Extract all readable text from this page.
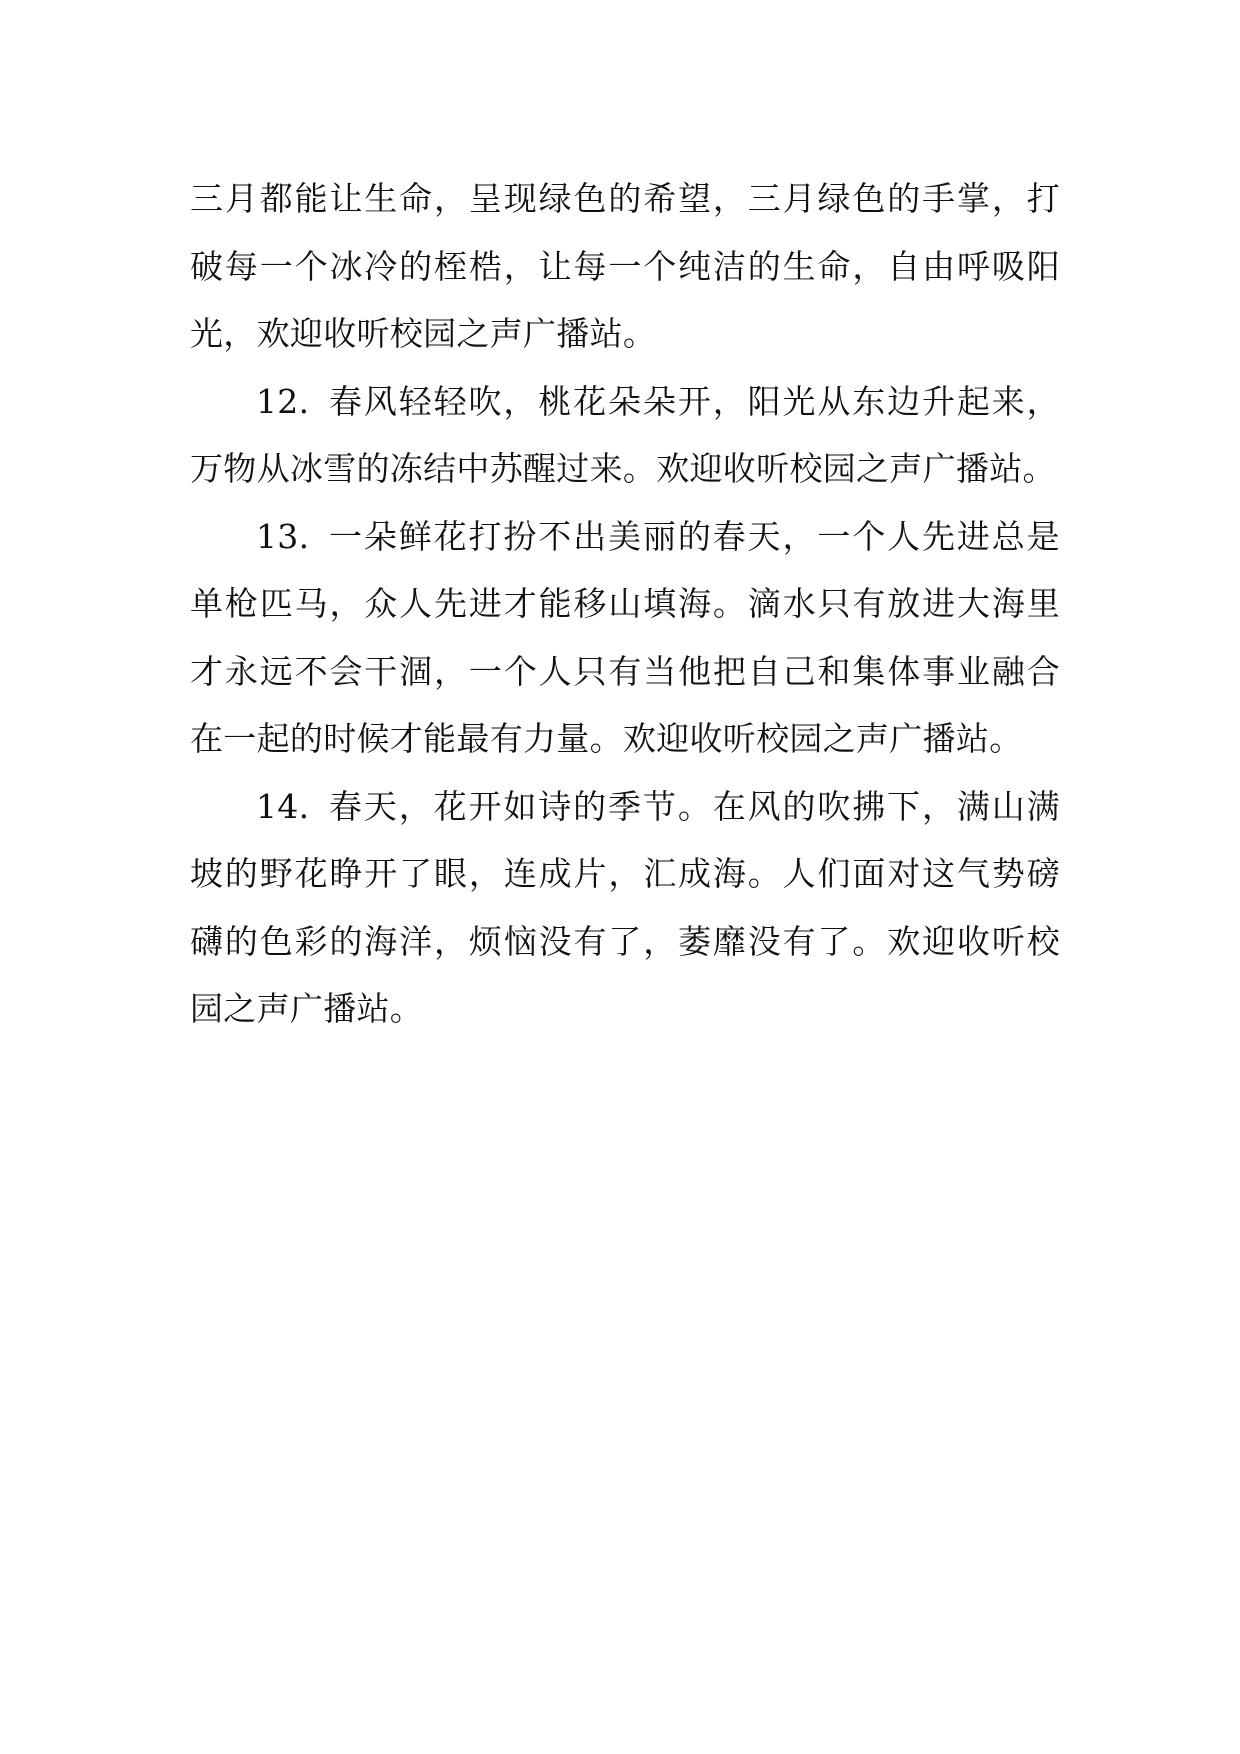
三月都能让生命，呈现绿色的希望，三月绿色的手掌，打
破每一个冰冷的桎梏，让每一个纯洁的生命，自由呼吸阳
光，欢迎收听校园之声广播站。
12. 春风轻轻吹，桃花朵朵开，阳光从东边升起来，
万物从冰雪的冻结中苏醒过来。欢迎收听校园之声广播站。
13. 一朵鲜花打扮不出美丽的春天，一个人先进总是
单枪匹马，众人先进才能移山填海。滴水只有放进大海里
才永远不会干涸，一个人只有当他把自己和集体事业融合
在一起的时候才能最有力量。欢迎收听校园之声广播站。
14. 春天，花开如诗的季节。在风的吹拂下，满山满
坡的野花睁开了眼，连成片，汇成海。人们面对这气势磅
礴的色彩的海洋，烦恼没有了，萎靡没有了。欢迎收听校
园之声广播站。
